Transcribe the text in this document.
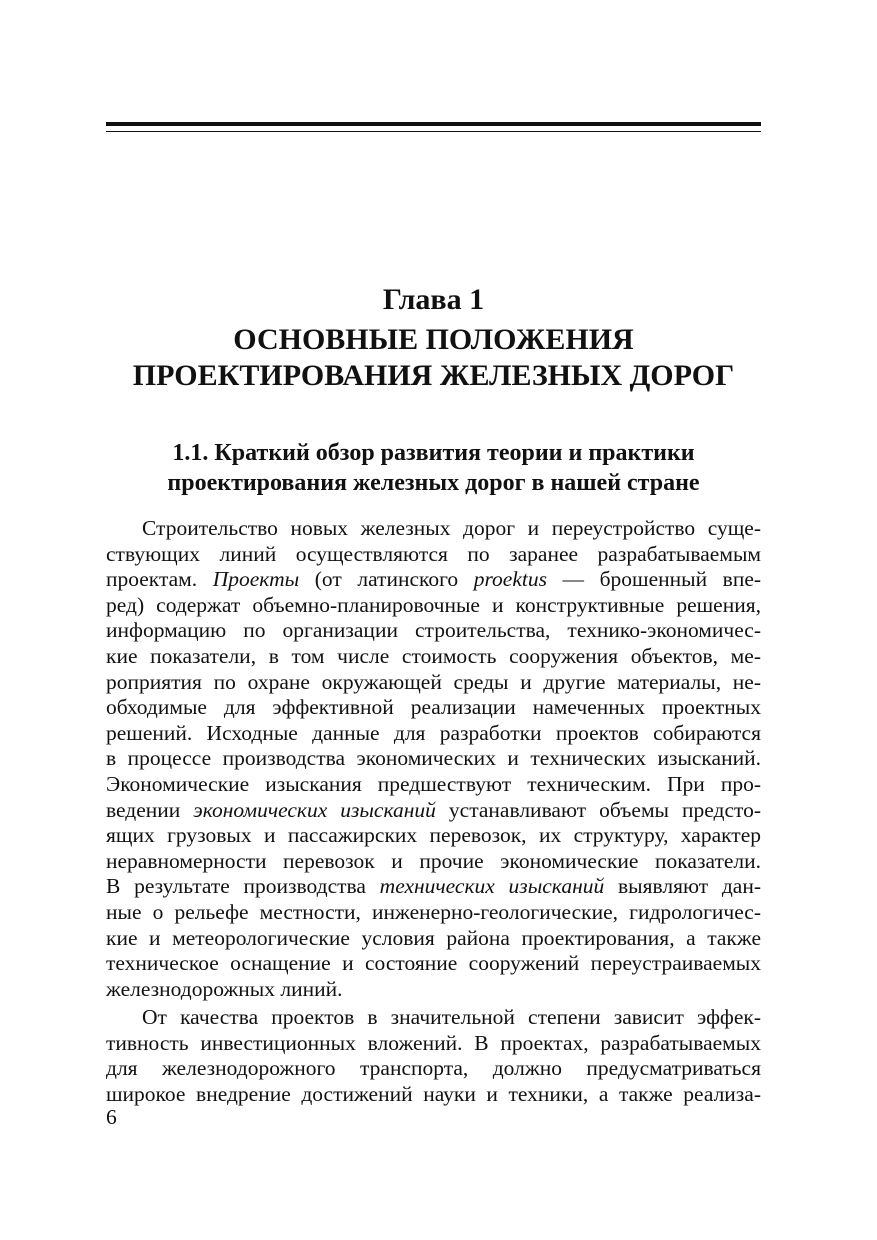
Глава 1
ОСНОВНЫЕ ПОЛОЖЕНИЯ
ПРОЕКТИРОВАНИЯ ЖЕЛЕЗНЫХ ДОРОГ
1.1. Краткий обзор развития теории и практики
проектирования железных дорог в нашей стране
Строительство новых железных дорог и переустройство суще-
ствующих линий осуществляются по заранее разрабатываемым
проектам. Проекты (от латинского proektus — брошенный впе-
ред) содержат объемно-планировочные и конструктивные решения,
информацию по организации строительства, технико-экономичес-
кие показатели, в том числе стоимость сооружения объектов, ме-
роприятия по охране окружающей среды и другие материалы, не-
обходимые для эффективной реализации намеченных проектных
решений. Исходные данные для разработки проектов собираются
в процессе производства экономических и технических изысканий.
Экономические изыскания предшествуют техническим. При про-
ведении экономических изысканий устанавливают объемы предсто-
ящих грузовых и пассажирских перевозок, их структуру, характер
неравномерности перевозок и прочие экономические показатели.
В результате производства технических изысканий выявляют дан-
ные о рельефе местности, инженерно-геологические, гидрологичес-
кие и метеорологические условия района проектирования, а также
техническое оснащение и состояние сооружений переустраиваемых
железнодорожных линий.
От качества проектов в значительной степени зависит эффек-
тивность инвестиционных вложений. В проектах, разрабатываемых
для железнодорожного транспорта, должно предусматриваться
широкое внедрение достижений науки и техники, а также реализа-
6
